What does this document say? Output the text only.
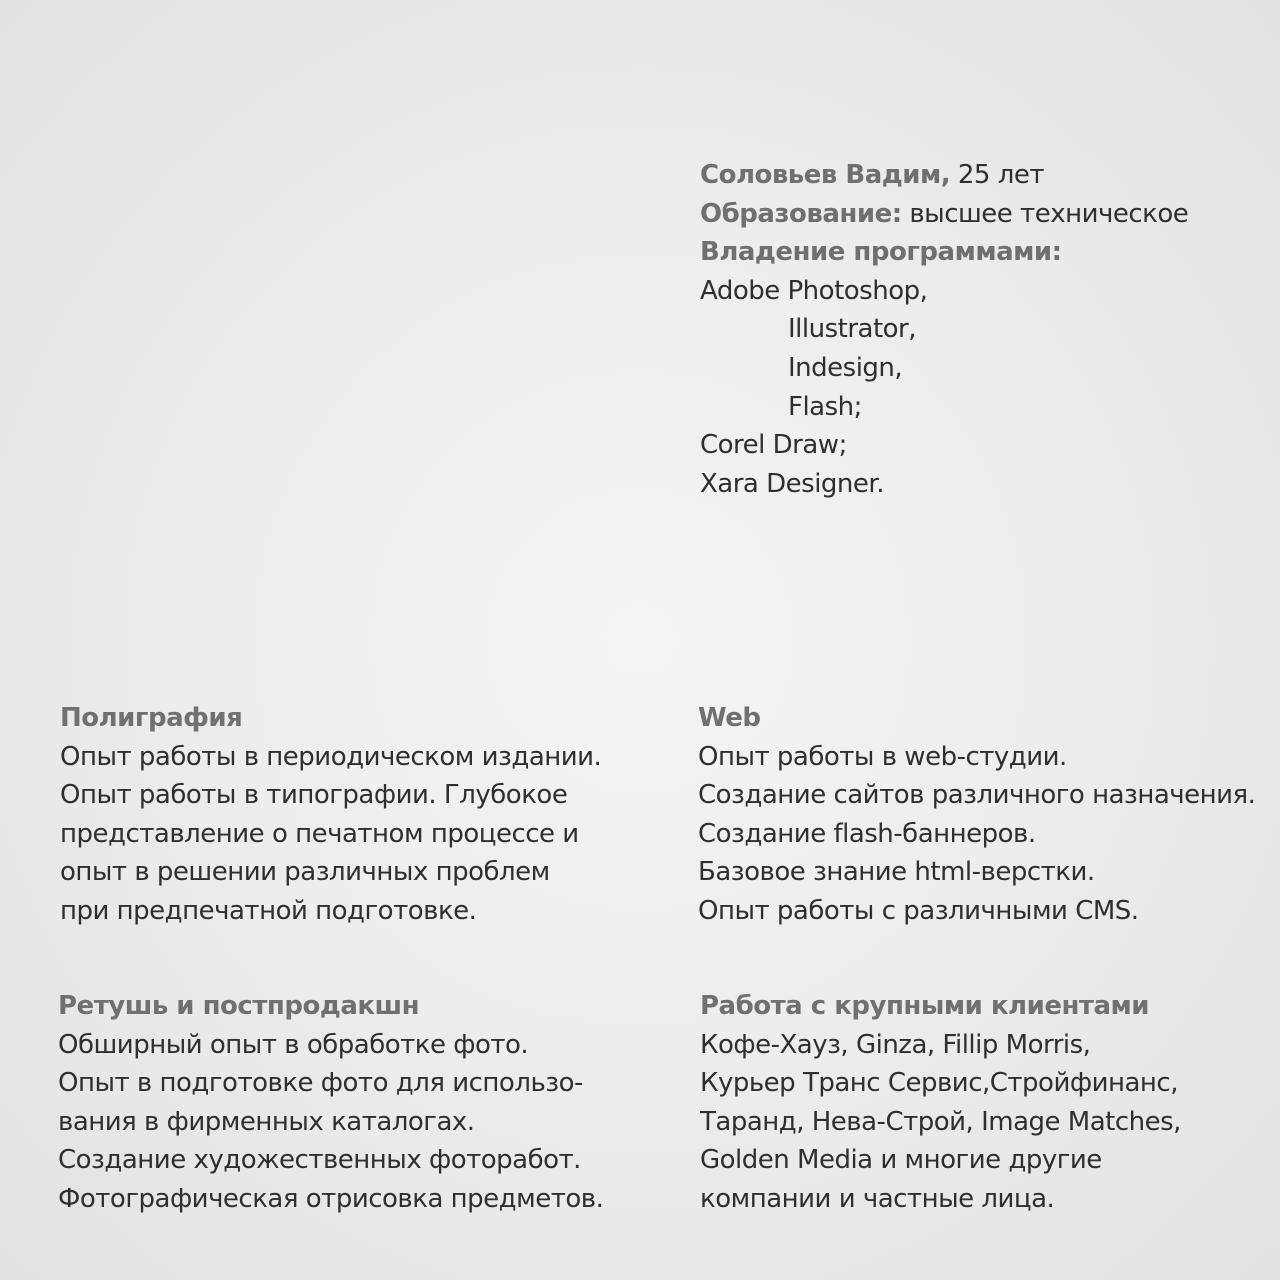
Соловьев Вадим, 25 лет
Образование: высшее техническое
Владение программами:
Adobe Photoshop,
Illustrator,
Indesign,
Flash;
Corel Draw;
Xara Designer.
Полиграфия
Опыт работы в периодическом издании.
Опыт работы в типографии. Глубокое
представление о печатном процессе и
опыт в решении различных проблем
при предпечатной подготовке.
Web
Опыт работы в web-студии.
Создание сайтов различного назначения.
Создание flash-баннеров.
Базовое знание html-верстки.
Опыт работы с различными CMS.
Ретушь и постпродакшн
Обширный опыт в обработке фото.
Опыт в подготовке фото для использо-
вания в фирменных каталогах.
Создание художественных фоторабот.
Фотографическая отрисовка предметов.
Работа с крупными клиентами
Кофе-Хауз, Ginza, Fillip Morris,
Курьер Транс Сервис,Стройфинанс,
Таранд, Нева-Строй, Image Matches,
Golden Media и многие другие
компании и частные лица.
